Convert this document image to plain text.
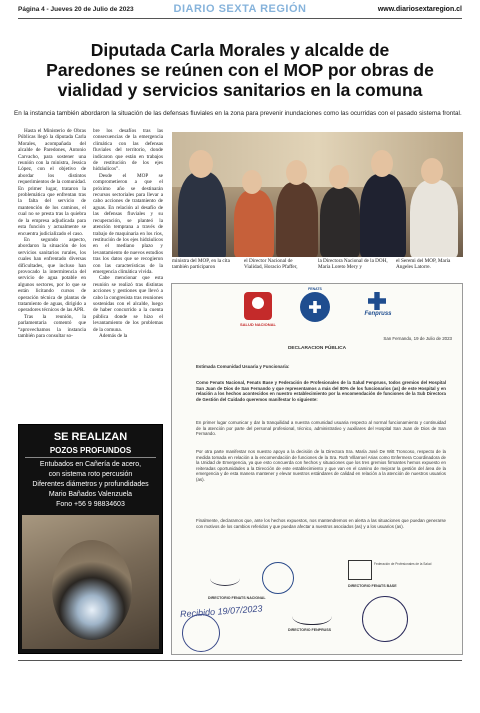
Página 4 - Jueves 20 de Julio de 2023	DIARIO SEXTA REGIÓN	www.diariosextaregion.cl
Diputada Carla Morales y alcalde de
Paredones se reúnen con el MOP por obras de
vialidad y servicios sanitarios en la comuna
En la instancia también abordaron la situación de las defensas fluviales en la zona para prevenir inundaciones como las ocurridas con el pasado sistema frontal.

Hasta el Ministerio de Obras Públicas llegó la diputada Carla Morales, acompañada del alcalde de Paredones, Antonio Carvacho, para sostener una reunión con la ministra, Jessica López, con el objetivo de abordar los distintos requerimientos de la comunidad. En primer lugar, trataron la problemática que enfrentan tras la falta del servicio de mantención de los caminos, el cual no se presta tras la quiebra de la empresa adjudicada para esta función y actualmente se encuentra judicializado el caso.

En segundo aspecto, abordaron la situación de los servicios sanitarios rurales, los cuales han enfrentado diversas dificultades, que incluso han provocado la intermitencia del servicio de agua potable en algunos sectores, por lo que se están licitando cursos de operación técnica de plantas de tratamiento de aguas, dirigido a operadores técnicos de las APR.

Tras la reunión, la parlamentaria comentó que “aprovechamos la instancia también para consultar so-

bre los desafíos tras las consecuencias de la emergencia climática con las defensas fluviales del territorio, donde indicaron que están en trabajos de restitución de los ejes hidráulicos”.

Desde el MOP se comprometieron a que el próximo año se destinarán recursos sectoriales para llevar a cabo acciones de tratamiento de aguas. En relación al desafío de las defensas fluviales y su recuperación, se planteó la atención temprana a través de trabajo de maquinaria en los ríos, restitución de los ejes hidráulicos en el mediano plazo y levantamiento de nuevos estudios tras los datos que se recogieron con las características de la emergencia climática vivida.

Cabe mencionar que esta reunión se realizó tras distintas acciones y gestiones que llevó a cabo la congresista tras reuniones sostenidas con el alcalde, luego de haber concurrido a la cuenta pública donde se hizo el levantamiento de los problemas de la comuna.

Además de la

ministra del MOP, en la cita también participaron
el Director Nacional de Vialidad, Horacio Pfaffer,
la Directora Nacional de la DOH, María Loreto Mery y
el Seremi del MOP, María Angeles Latorre.
SE REALIZAN
POZOS PROFUNDOS
Entubados en Cañería de acero,
con sistema roto percusión
Diferentes diámetros y profundidades
Mario Bañados Valenzuela
Fono +56 9 98834603
SALUD NACIONAL
FENATS
Fenpruss
San Fernando, 19 de Julio de 2023
DECLARACION PÚBLICA
Estimada Comunidad Usuaria y Funcionaria:
Como Fenats Nacional, Fenats Base y Federación de Profesionales de la Salud Fenpruss, todos gremios del Hospital San Juan de Dios de San Fernando y que representamos a más del 80% de los funcionarios (as) de este Hospital y en relación a los hechos acontecidos en nuestro establecimiento por la encomendación de funciones de la Sub Directora de Gestión del Cuidado queremos manifestar lo siguiente:
En primer lugar comunicar y dar la tranquilidad a nuestra comunidad usuaria respecto al normal funcionamiento y continuidad de la atención por parte del personal profesional, técnico, administrativo y auxiliares del Hospital San Juan de Dios de San Fernando.
Por otra parte manifestar nos nuestro apoyo a la decisión de la Directora Sra. María José De Witt Troncoso, respecto de la medida tomada en relación a la encomendación de funciones de la Sra. Ruth Villarroel Arias como Enfermera Coordinadora de la Unidad de Emergencia, ya que esto concuerda con hechos y situaciones que los tres gremios firmantes hemos expuesto en reiteradas oportunidades a la Dirección de este establecimiento y que van en el camino de mejorar la gestión del área de la emergencia y de esta manera mantener y elevar nuestros estándares de calidad en relación a la atención de nuestros usuarios (as).
Finalmente, declaramos que, ante los hechos expuestos, nos mantendremos en alerta a las situaciones que puedan generarse con motivos de los cambios referidos y que puedan afectar a nuestros asociados (as) y a los usuarios (as).
DIRECTORIO FENATS NACIONAL
Federación de Profesionales de la Salud
DIRECTORIO FENATS BASE
Recibido 19/07/2023
DIRECTORIO FENPRUSS
